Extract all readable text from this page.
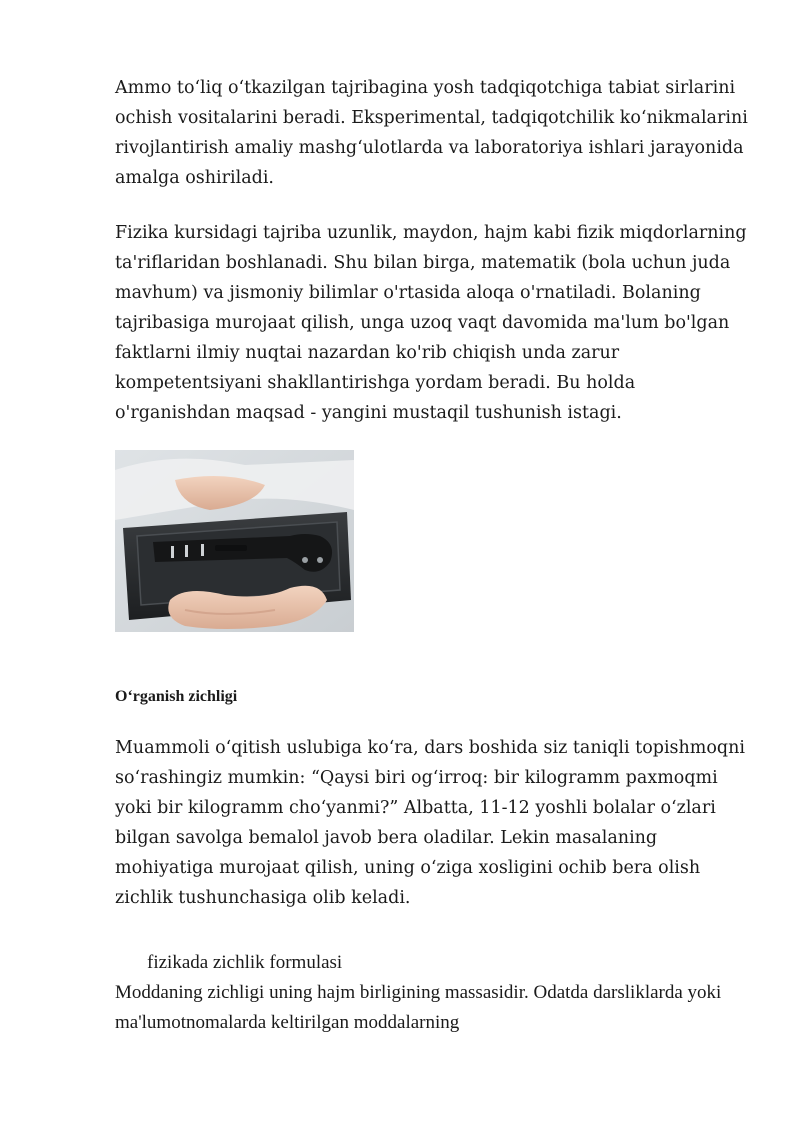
Ammo toʻliq oʻtkazilgan tajribagina yosh tadqiqotchiga tabiat sirlarini ochish vositalarini beradi. Eksperimental, tadqiqotchilik koʻnikmalarini rivojlantirish amaliy mashgʻulotlarda va laboratoriya ishlari jarayonida amalga oshiriladi.

Fizika kursidagi tajriba uzunlik, maydon, hajm kabi fizik miqdorlarning ta'riflaridan boshlanadi. Shu bilan birga, matematik (bola uchun juda mavhum) va jismoniy bilimlar o'rtasida aloqa o'rnatiladi. Bolaning tajribasiga murojaat qilish, unga uzoq vaqt davomida ma'lum bo'lgan faktlarni ilmiy nuqtai nazardan ko'rib chiqish unda zarur kompetentsiyani shakllantirishga yordam beradi. Bu holda o'rganishdan maqsad - yangini mustaqil tushunish istagi.

Oʻrganish zichligi

Muammoli oʻqitish uslubiga koʻra, dars boshida siz taniqli topishmoqni soʻrashingiz mumkin: “Qaysi biri ogʻirroq: bir kilogramm paxmoqmi yoki bir kilogramm choʻyanmi?” Albatta, 11-12 yoshli bolalar oʻzlari bilgan savolga bemalol javob bera oladilar. Lekin masalaning mohiyatiga murojaat qilish, uning oʻziga xosligini ochib bera olish zichlik tushunchasiga olib keladi.

fizikada zichlik formulasi

Moddaning zichligi uning hajm birligining massasidir. Odatda darsliklarda yoki ma'lumotnomalarda keltirilgan moddalarning
